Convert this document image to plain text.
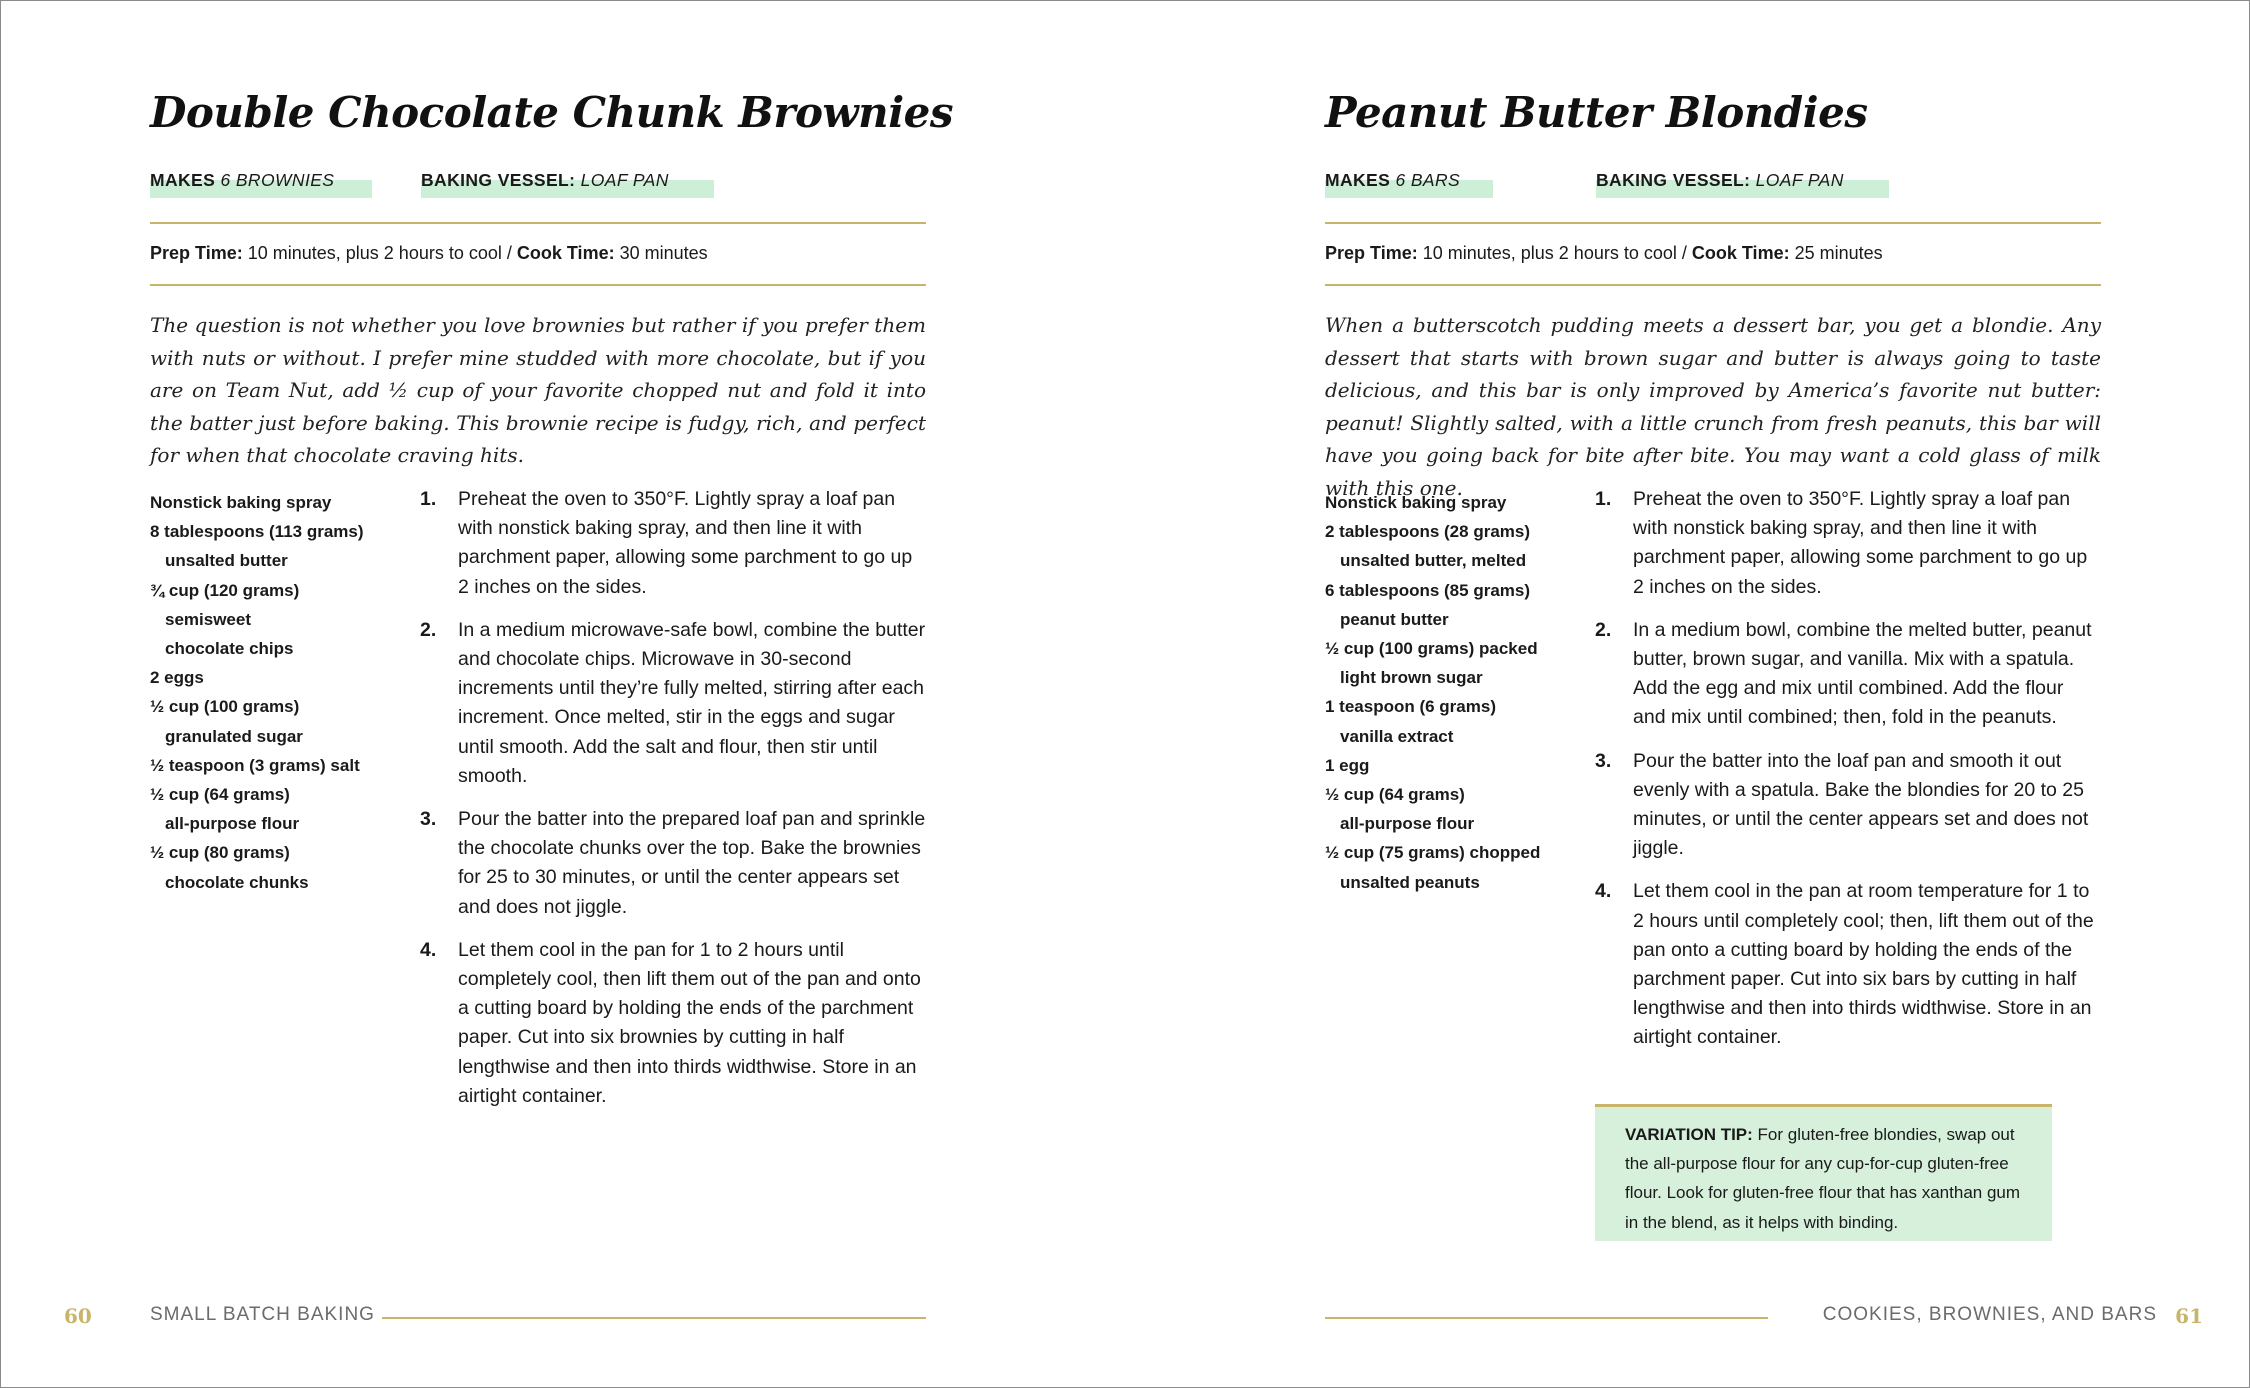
Double Chocolate Chunk Brownies
MAKES 6 BROWNIES	BAKING VESSEL: LOAF PAN
Prep Time: 10 minutes, plus 2 hours to cool / Cook Time: 30 minutes

The question is not whether you love brownies but rather if you prefer them with nuts or without. I prefer mine studded with more chocolate, but if you are on Team Nut, add ½ cup of your favorite chopped nut and fold it into the batter just before baking. This brownie recipe is fudgy, rich, and perfect for when that chocolate craving hits.

Nonstick baking spray
8 tablespoons (113 grams)
unsalted butter
¾ cup (120 grams)
semisweet
chocolate chips
2 eggs
½ cup (100 grams)
granulated sugar
½ teaspoon (3 grams) salt
½ cup (64 grams)
all-purpose flour
½ cup (80 grams)
chocolate chunks
1. Preheat the oven to 350°F. Lightly spray a loaf pan with nonstick baking spray, and then line it with parchment paper, allowing some parchment to go up 2 inches on the sides.
2. In a medium microwave-safe bowl, combine the butter and chocolate chips. Microwave in 30-second increments until they’re fully melted, stirring after each increment. Once melted, stir in the eggs and sugar until smooth. Add the salt and flour, then stir until smooth.
3. Pour the batter into the prepared loaf pan and sprinkle the chocolate chunks over the top. Bake the brownies for 25 to 30 minutes, or until the center appears set and does not jiggle.
4. Let them cool in the pan for 1 to 2 hours until completely cool, then lift them out of the pan and onto a cutting board by holding the ends of the parchment paper. Cut into six brownies by cutting in half lengthwise and then into thirds widthwise. Store in an airtight container.
60	SMALL BATCH BAKING
Peanut Butter Blondies
MAKES 6 BARS	BAKING VESSEL: LOAF PAN
Prep Time: 10 minutes, plus 2 hours to cool / Cook Time: 25 minutes

When a butterscotch pudding meets a dessert bar, you get a blondie. Any dessert that starts with brown sugar and butter is always going to taste delicious, and this bar is only improved by America’s favorite nut butter: peanut! Slightly salted, with a little crunch from fresh peanuts, this bar will have you going back for bite after bite. You may want a cold glass of milk with this one.

Nonstick baking spray
2 tablespoons (28 grams)
unsalted butter, melted
6 tablespoons (85 grams)
peanut butter
½ cup (100 grams) packed
light brown sugar
1 teaspoon (6 grams)
vanilla extract
1 egg
½ cup (64 grams)
all-purpose flour
½ cup (75 grams) chopped
unsalted peanuts
1. Preheat the oven to 350°F. Lightly spray a loaf pan with nonstick baking spray, and then line it with parchment paper, allowing some parchment to go up 2 inches on the sides.
2. In a medium bowl, combine the melted butter, peanut butter, brown sugar, and vanilla. Mix with a spatula. Add the egg and mix until combined. Add the flour and mix until combined; then, fold in the peanuts.
3. Pour the batter into the loaf pan and smooth it out evenly with a spatula. Bake the blondies for 20 to 25 minutes, or until the center appears set and does not jiggle.
4. Let them cool in the pan at room temperature for 1 to 2 hours until completely cool; then, lift them out of the pan onto a cutting board by holding the ends of the parchment paper. Cut into six bars by cutting in half lengthwise and then into thirds widthwise. Store in an airtight container.
VARIATION TIP: For gluten-free blondies, swap out the all-purpose flour for any cup-for-cup gluten-free flour. Look for gluten-free flour that has xanthan gum in the blend, as it helps with binding.
COOKIES, BROWNIES, AND BARS 61
